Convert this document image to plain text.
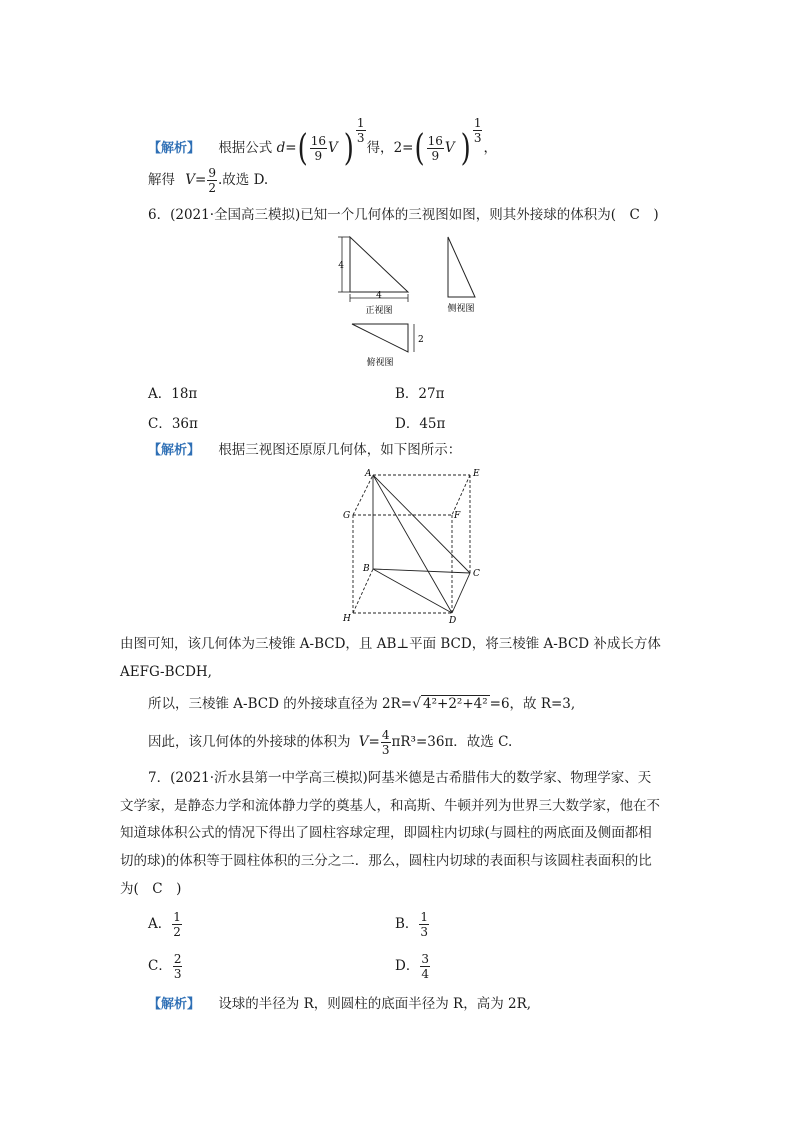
【解析】 根据公式 $d=( \frac{16}{9}$ V ) $\frac{1}{3}$
得，$2=( \frac{16}{9}$ V ) $\frac{1}{3}$
，
解得 $V= \frac{9}{2}$ .故选 D.
6．(2021·全国高三模拟)已知一个几何体的三视图如图，则其外接球的体积为(　C　)
4
4
正视图	侧视图
2
俯视图
A．18π	B．27π
C．36π	D．45π
【解析】 根据三视图还原原几何体，如下图所示：
A	E
G	F
B	C
H	D
由图可知，该几何体为三棱锥 A-BCD，且 AB⊥平面 BCD，将三棱锥 A-BCD 补成长方体
AEFG-BCDH,
所以，三棱锥 A-BCD 的外接球直径为 2R=√ 4²+2²+4² =6，故 R=3,
因此，该几何体的外接球的体积为 $V= \frac{4}{3} \pi R^3=36\pi$．故选 C.
7．(2021·沂水县第一中学高三模拟)阿基米德是古希腊伟大的数学家、物理学家、天
文学家，是静态力学和流体静力学的奠基人，和高斯、牛顿并列为世界三大数学家，他在不
知道球体积公式的情况下得出了圆柱容球定理，即圆柱内切球(与圆柱的两底面及侧面都相
切的球)的体积等于圆柱体积的三分之二．那么，圆柱内切球的表面积与该圆柱表面积的比
为(　C　)
A． $\frac{1}{2}$	B． $\frac{1}{3}$
C． $\frac{2}{3}$	D． $\frac{3}{4}$
【解析】 设球的半径为 R，则圆柱的底面半径为 R，高为 2R,
